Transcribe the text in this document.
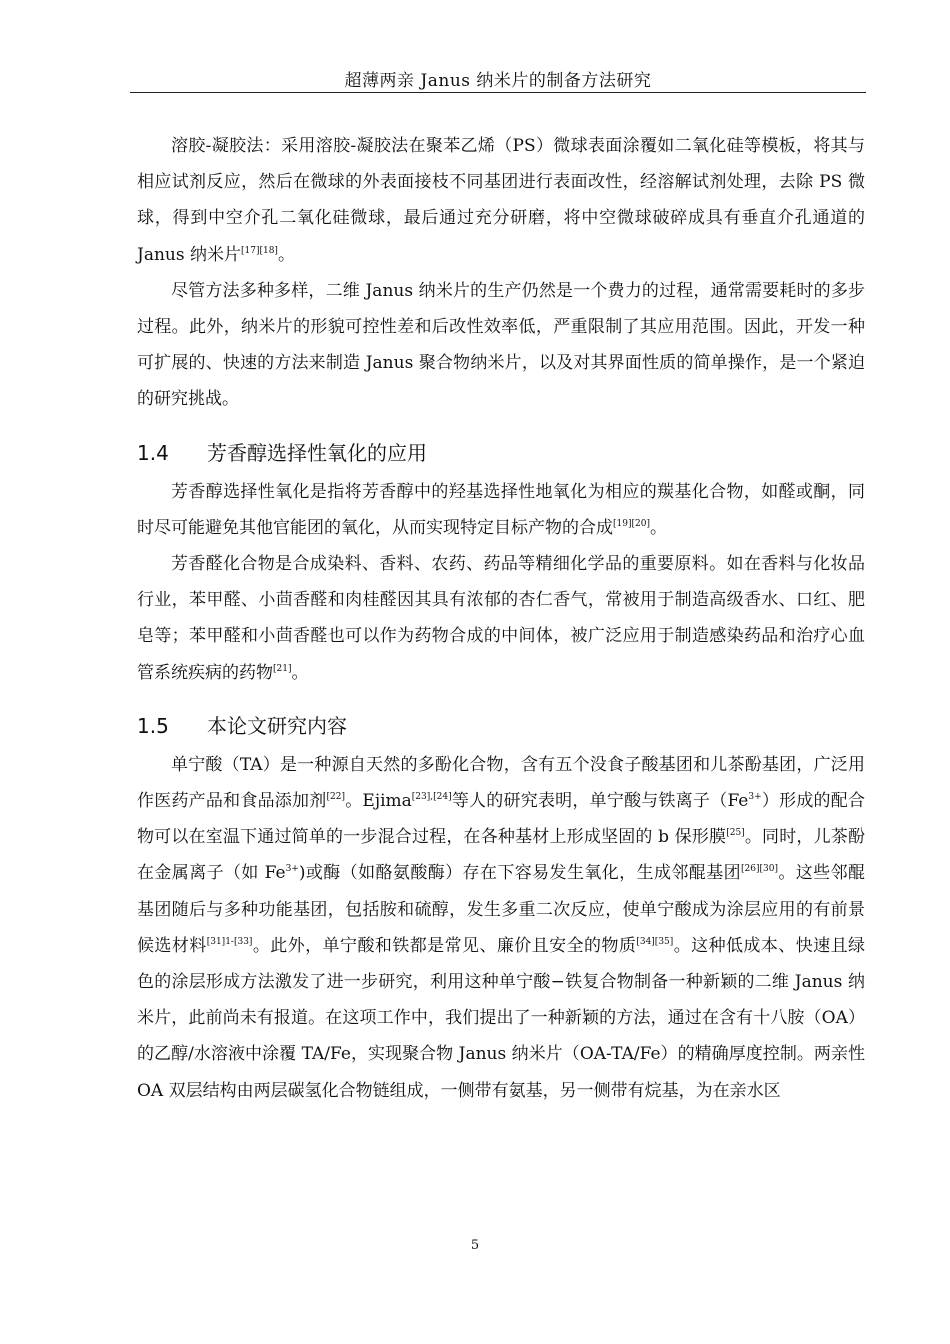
超薄两亲 Janus 纳米片的制备方法研究

溶胶-凝胶法：采用溶胶-凝胶法在聚苯乙烯（PS）微球表面涂覆如二氧化硅等模板，将其与相应试剂反应，然后在微球的外表面接枝不同基团进行表面改性，经溶解试剂处理，去除 PS 微球，得到中空介孔二氧化硅微球，最后通过充分研磨，将中空微球破碎成具有垂直介孔通道的 Janus 纳米片[17][18]。

尽管方法多种多样，二维 Janus 纳米片的生产仍然是一个费力的过程，通常需要耗时的多步过程。此外，纳米片的形貌可控性差和后改性效率低，严重限制了其应用范围。因此，开发一种可扩展的、快速的方法来制造 Janus 聚合物纳米片，以及对其界面性质的简单操作，是一个紧迫的研究挑战。

1.4 芳香醇选择性氧化的应用

芳香醇选择性氧化是指将芳香醇中的羟基选择性地氧化为相应的羰基化合物，如醛或酮，同时尽可能避免其他官能团的氧化，从而实现特定目标产物的合成[19][20]。

芳香醛化合物是合成染料、香料、农药、药品等精细化学品的重要原料。如在香料与化妆品行业，苯甲醛、小茴香醛和肉桂醛因其具有浓郁的杏仁香气，常被用于制造高级香水、口红、肥皂等；苯甲醛和小茴香醛也可以作为药物合成的中间体，被广泛应用于制造感染药品和治疗心血管系统疾病的药物[21]。

1.5 本论文研究内容

单宁酸（TA）是一种源自天然的多酚化合物，含有五个没食子酸基团和儿茶酚基团，广泛用作医药产品和食品添加剂[22]。Ejima[23],[24]等人的研究表明，单宁酸与铁离子$(Fe^{3+})$形成的配合物可以在室温下通过简单的一步混合过程，在各种基材上形成坚固的 b 保形膜[25]。同时，儿茶酚在金属离子（如 $Fe^{3+}$)或酶（如酪氨酸酶）存在下容易发生氧化，生成邻醌基团[26][30]。这些邻醌基团随后与多种功能基团，包括胺和硫醇，发生多重二次反应，使单宁酸成为涂层应用的有前景候选材料[31]1-[33]。此外，单宁酸和铁都是常见、廉价且安全的物质[34][35]。这种低成本、快速且绿色的涂层形成方法激发了进一步研究，利用这种单宁酸−铁复合物制备一种新颖的二维 Janus 纳米片，此前尚未有报道。在这项工作中，我们提出了一种新颖的方法，通过在含有十八胺（OA）的乙醇/水溶液中涂覆 TA/Fe，实现聚合物 Janus 纳米片（OA-TA/Fe）的精确厚度控制。两亲性 OA 双层结构由两层碳氢化合物链组成，一侧带有氨基，另一侧带有烷基，为在亲水区

5
